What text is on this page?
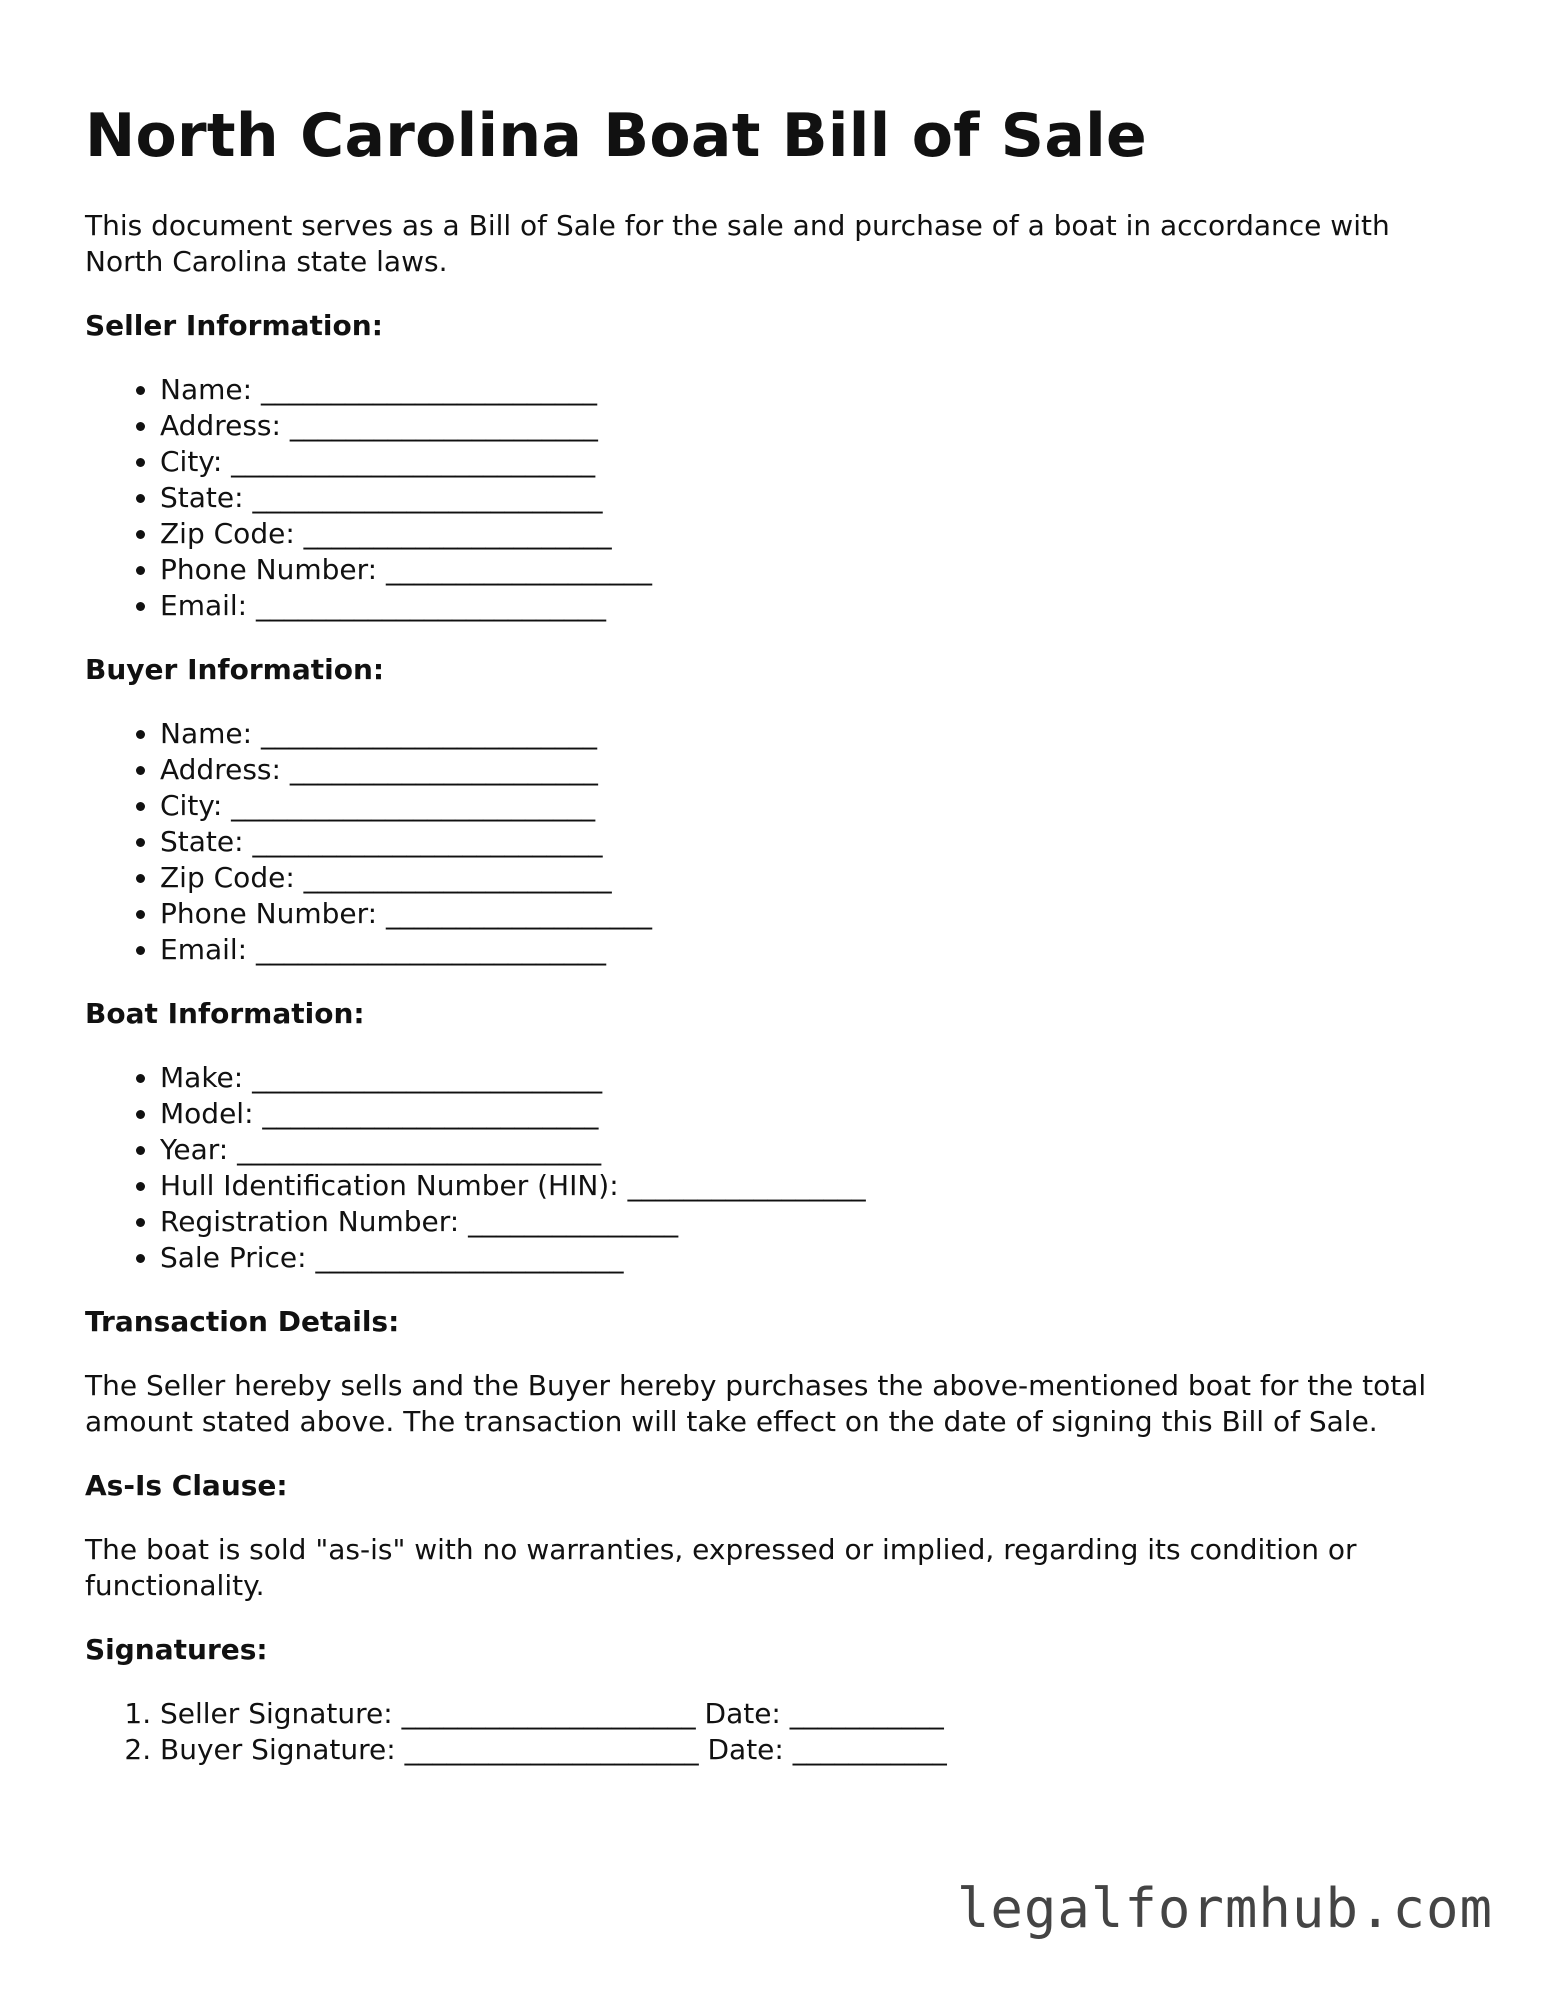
North Carolina Boat Bill of Sale

This document serves as a Bill of Sale for the sale and purchase of a boat in accordance with North Carolina state laws.

Seller Information:
• Name: ________________________
• Address: ______________________
• City: __________________________
• State: _________________________
• Zip Code: ______________________
• Phone Number: ___________________
• Email: _________________________
Buyer Information:
• Name: ________________________
• Address: ______________________
• City: __________________________
• State: _________________________
• Zip Code: ______________________
• Phone Number: ___________________
• Email: _________________________
Boat Information:
• Make: _________________________
• Model: ________________________
• Year: __________________________
• Hull Identification Number (HIN): _________________
• Registration Number: _______________
• Sale Price: ______________________
Transaction Details:

The Seller hereby sells and the Buyer hereby purchases the above-mentioned boat for the total amount stated above. The transaction will take effect on the date of signing this Bill of Sale.

As-Is Clause:

The boat is sold "as-is" with no warranties, expressed or implied, regarding its condition or functionality.

Signatures:
1. Seller Signature: _____________________ Date: ___________
2. Buyer Signature: _____________________ Date: ___________
legalformhub.com
